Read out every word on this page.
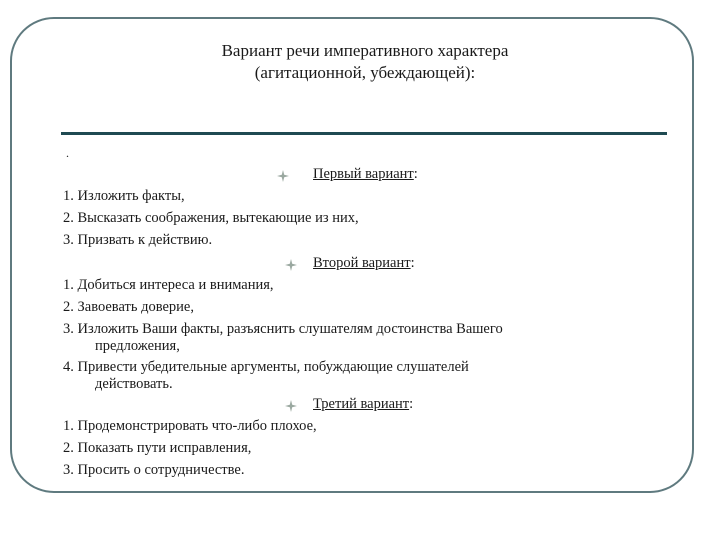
Вариант речи императивного характера
(агитационной, убеждающей):
.
Первый вариант:
1. Изложить факты,
2. Высказать соображения, вытекающие из них,
3. Призвать к действию.
Второй вариант:
1. Добиться интереса и внимания,
2. Завоевать доверие,
3. Изложить Ваши факты, разъяснить слушателям достоинства Вашего
предложения,
4. Привести убедительные аргументы, побуждающие слушателей
действовать.
Третий вариант:
1. Продемонстрировать что-либо плохое,
2. Показать пути исправления,
3. Просить о сотрудничестве.
